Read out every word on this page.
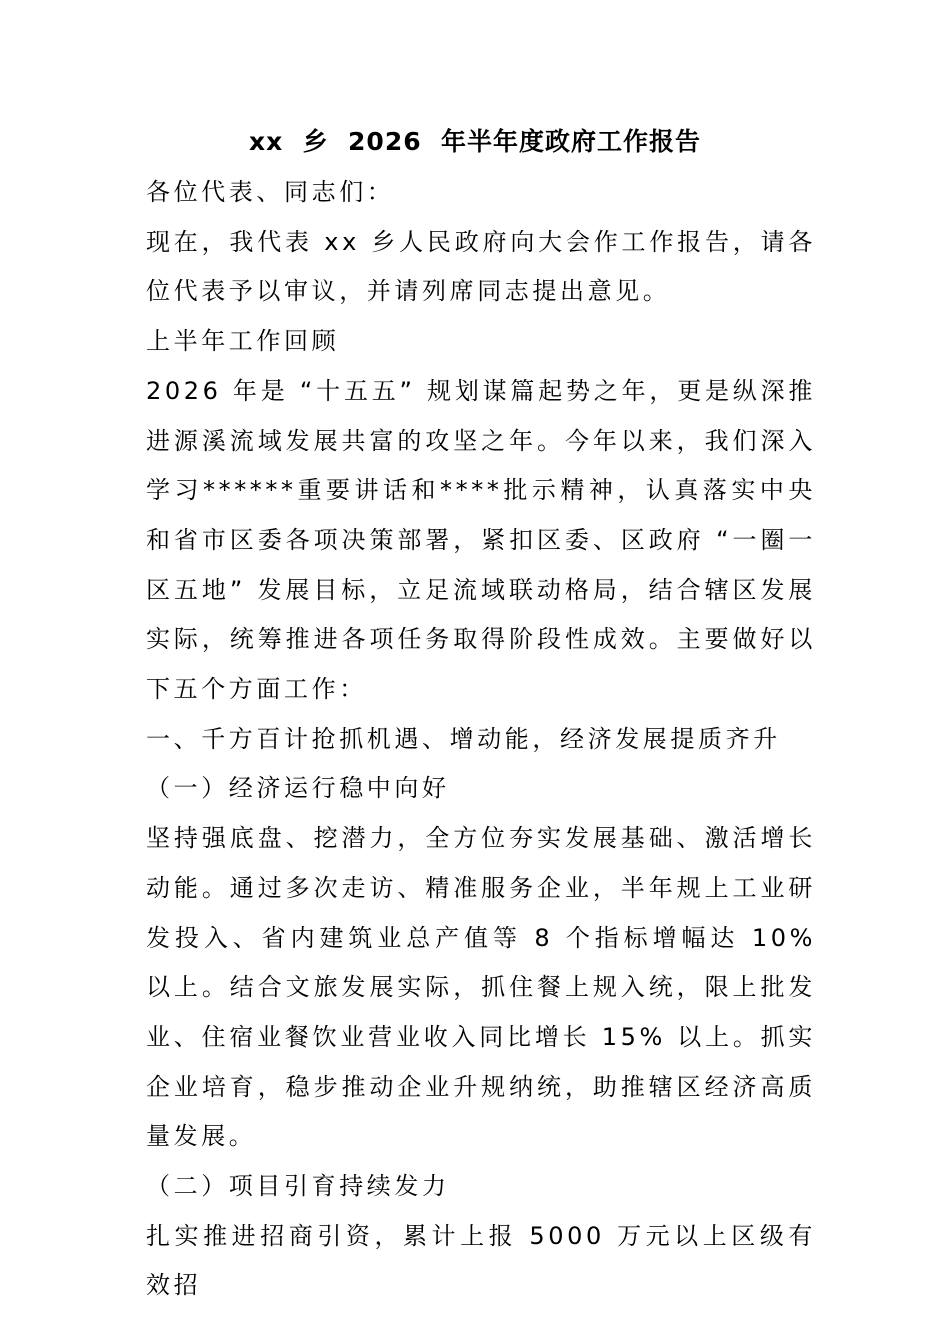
xx  乡  2026  年半年度政府工作报告

各位代表、同志们：

现在，我代表 xx 乡人民政府向大会作工作报告，请各位代表予以审议，并请列席同志提出意见。

上半年工作回顾

2026 年是 “十五五” 规划谋篇起势之年，更是纵深推进源溪流域发展共富的攻坚之年。今年以来，我们深入学习******重要讲话和****批示精神，认真落实中央和省市区委各项决策部署，紧扣区委、区政府 “一圈一区五地” 发展目标，立足流域联动格局，结合辖区发展实际，统筹推进各项任务取得阶段性成效。主要做好以下五个方面工作：

一、千方百计抢抓机遇、增动能，经济发展提质齐升

（一）经济运行稳中向好

坚持强底盘、挖潜力，全方位夯实发展基础、激活增长动能。通过多次走访、精准服务企业，半年规上工业研发投入、省内建筑业总产值等 8 个指标增幅达 10% 以上。结合文旅发展实际，抓住餐上规入统，限上批发业、住宿业餐饮业营业收入同比增长 15% 以上。抓实企业培育，稳步推动企业升规纳统，助推辖区经济高质量发展。

（二）项目引育持续发力

扎实推进招商引资，累计上报 5000 万元以上区级有效招
